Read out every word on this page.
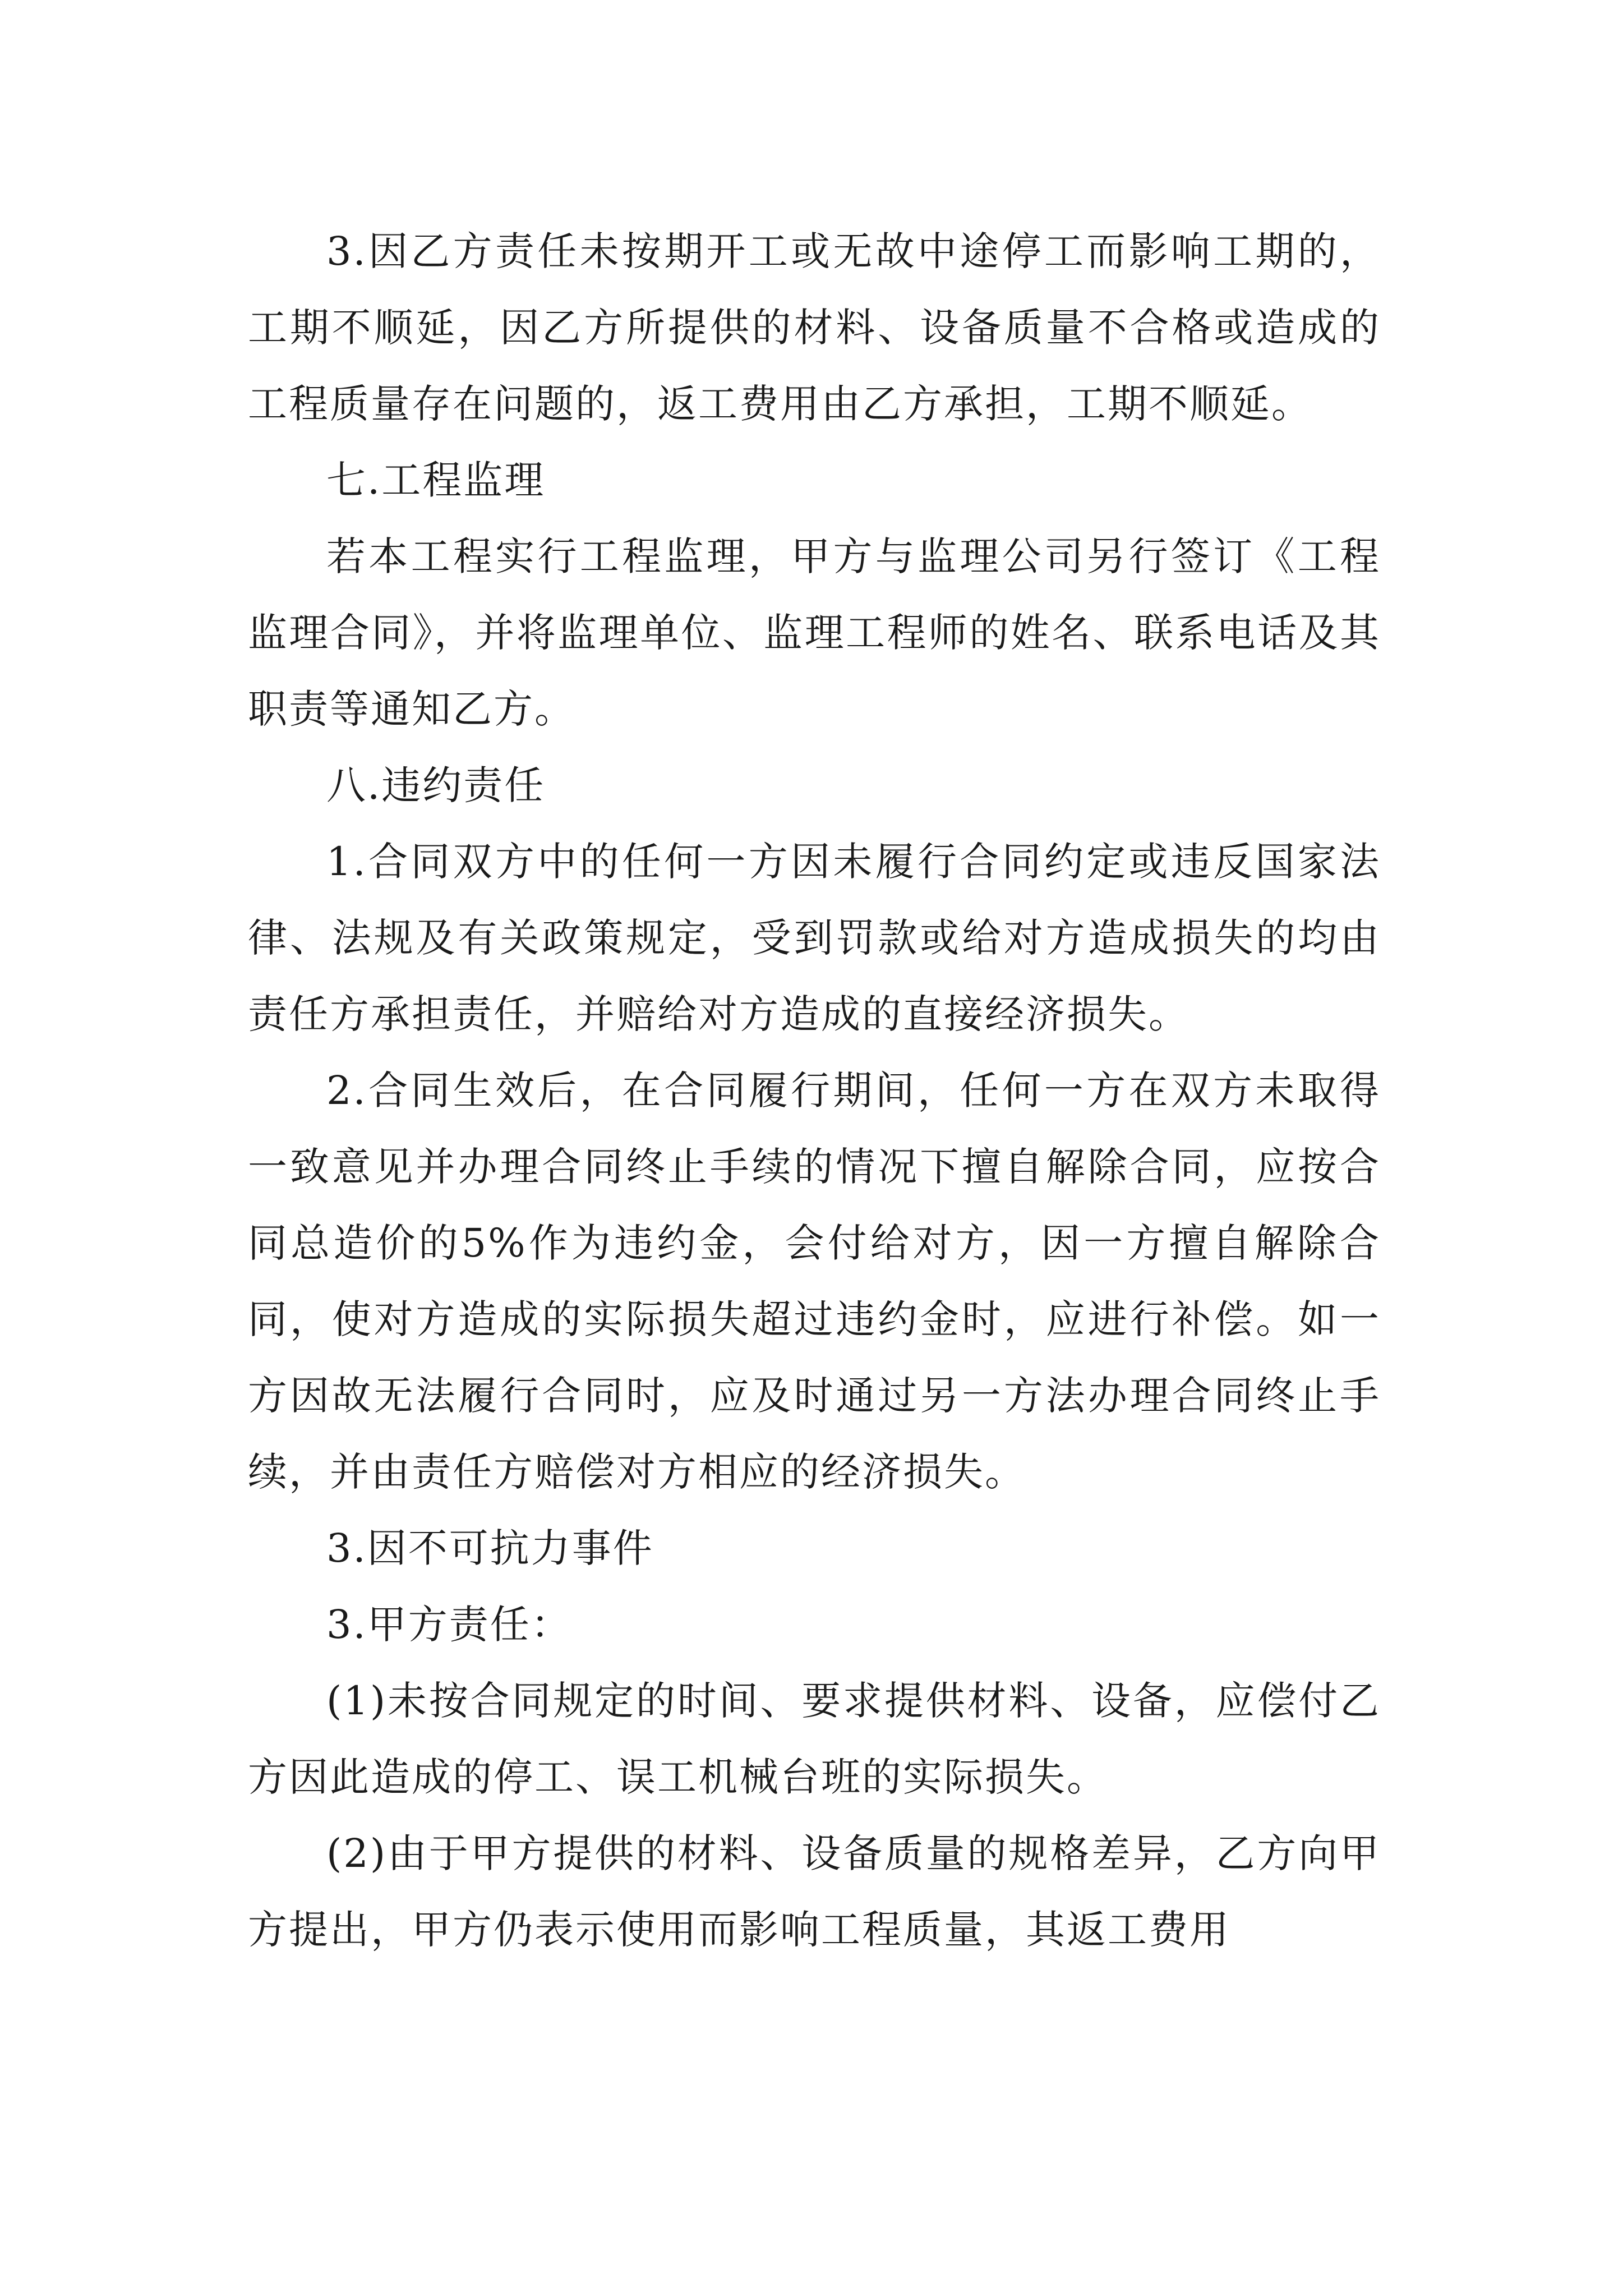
3.因乙方责任未按期开工或无故中途停工而影响工期的，工期不顺延，因乙方所提供的材料、设备质量不合格或造成的工程质量存在问题的，返工费用由乙方承担，工期不顺延。

七.工程监理

若本工程实行工程监理，甲方与监理公司另行签订《工程监理合同》，并将监理单位、监理工程师的姓名、联系电话及其职责等通知乙方。

八.违约责任

1.合同双方中的任何一方因未履行合同约定或违反国家法律、法规及有关政策规定，受到罚款或给对方造成损失的均由责任方承担责任，并赔给对方造成的直接经济损失。

2.合同生效后，在合同履行期间，任何一方在双方未取得一致意见并办理合同终止手续的情况下擅自解除合同，应按合同总造价的5%作为违约金，会付给对方，因一方擅自解除合同，使对方造成的实际损失超过违约金时，应进行补偿。如一方因故无法履行合同时，应及时通过另一方法办理合同终止手续，并由责任方赔偿对方相应的经济损失。

3.因不可抗力事件

3.甲方责任：

(1)未按合同规定的时间、要求提供材料、设备，应偿付乙方因此造成的停工、误工机械台班的实际损失。

(2)由于甲方提供的材料、设备质量的规格差异，乙方向甲方提出，甲方仍表示使用而影响工程质量，其返工费用
